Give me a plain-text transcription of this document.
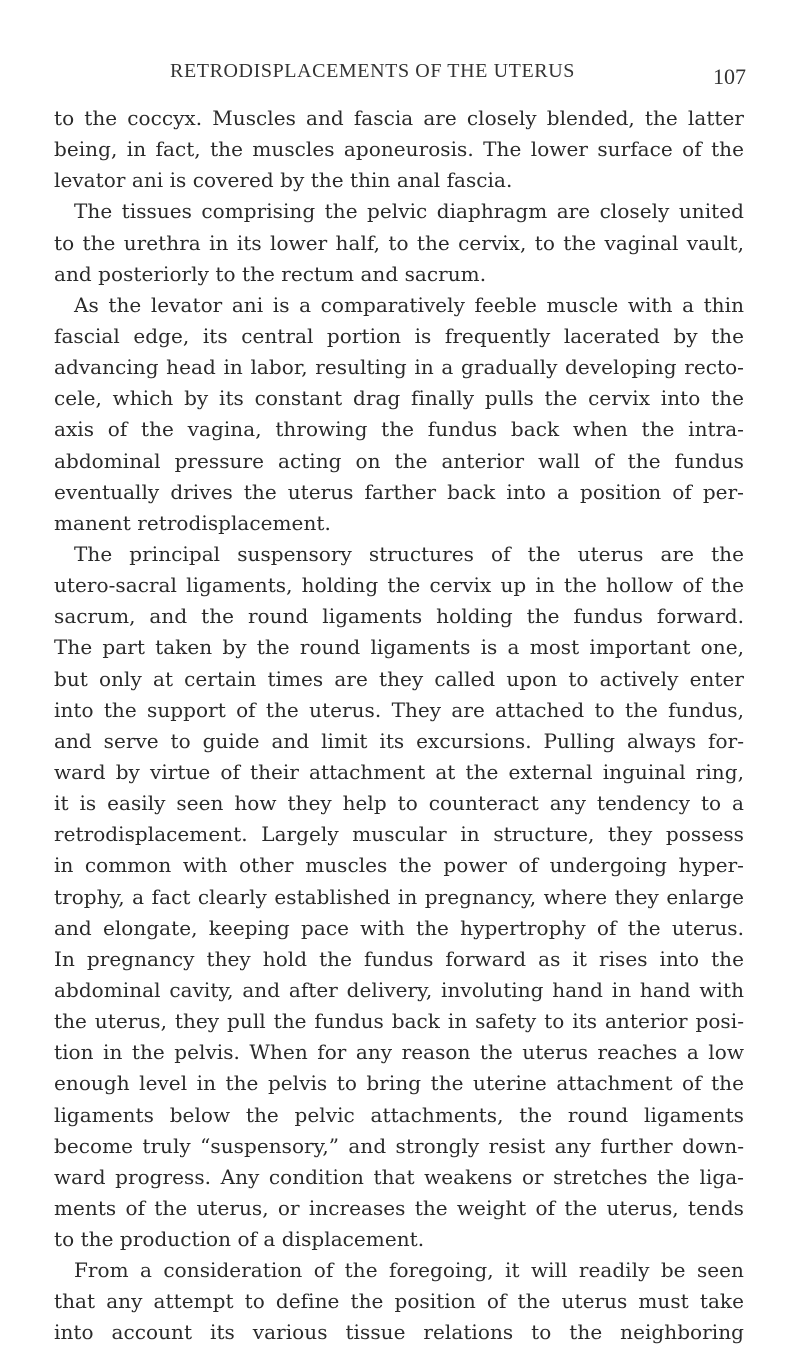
RETRODISPLACEMENTS OF THE UTERUS	107
to the coccyx. Muscles and fascia are closely blended, the latter
being, in fact, the muscles aponeurosis. The lower surface of the
levator ani is covered by the thin anal fascia.
The tissues comprising the pelvic diaphragm are closely united
to the urethra in its lower half, to the cervix, to the vaginal vault,
and posteriorly to the rectum and sacrum.
As the levator ani is a comparatively feeble muscle with a thin
fascial edge, its central portion is frequently lacerated by the
advancing head in labor, resulting in a gradually developing recto-
cele, which by its constant drag finally pulls the cervix into the
axis of the vagina, throwing the fundus back when the intra-
abdominal pressure acting on the anterior wall of the fundus
eventually drives the uterus farther back into a position of per-
manent retrodisplacement.
The principal suspensory structures of the uterus are the
utero-sacral ligaments, holding the cervix up in the hollow of the
sacrum, and the round ligaments holding the fundus forward.
The part taken by the round ligaments is a most important one,
but only at certain times are they called upon to actively enter
into the support of the uterus. They are attached to the fundus,
and serve to guide and limit its excursions. Pulling always for-
ward by virtue of their attachment at the external inguinal ring,
it is easily seen how they help to counteract any tendency to a
retrodisplacement. Largely muscular in structure, they possess
in common with other muscles the power of undergoing hyper-
trophy, a fact clearly established in pregnancy, where they enlarge
and elongate, keeping pace with the hypertrophy of the uterus.
In pregnancy they hold the fundus forward as it rises into the
abdominal cavity, and after delivery, involuting hand in hand with
the uterus, they pull the fundus back in safety to its anterior posi-
tion in the pelvis. When for any reason the uterus reaches a low
enough level in the pelvis to bring the uterine attachment of the
ligaments below the pelvic attachments, the round ligaments
become truly “suspensory,” and strongly resist any further down-
ward progress. Any condition that weakens or stretches the liga-
ments of the uterus, or increases the weight of the uterus, tends
to the production of a displacement.
From a consideration of the foregoing, it will readily be seen
that any attempt to define the position of the uterus must take
into account its various tissue relations to the neighboring
